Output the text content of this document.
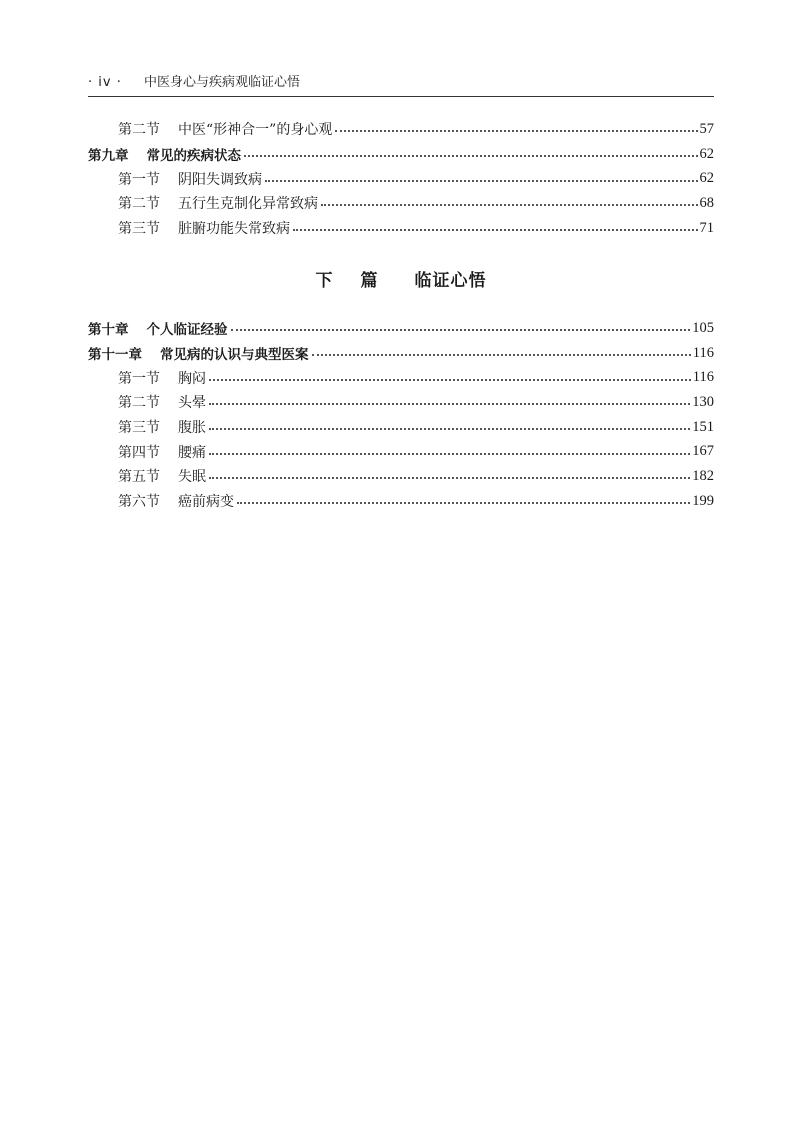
· iv · 中医身心与疾病观临证心悟
第二节 中医“形神合一”的身心观	57
第九章 常见的疾病状态	62
第一节 阴阳失调致病	62
第二节 五行生克制化异常致病	68
第三节 脏腑功能失常致病	71
下 篇 临证心悟
第十章 个人临证经验	105
第十一章 常见病的认识与典型医案	116
第一节 胸闷	116
第二节 头晕	130
第三节 腹胀	151
第四节 腰痛	167
第五节 失眠	182
第六节 癌前病变	199
